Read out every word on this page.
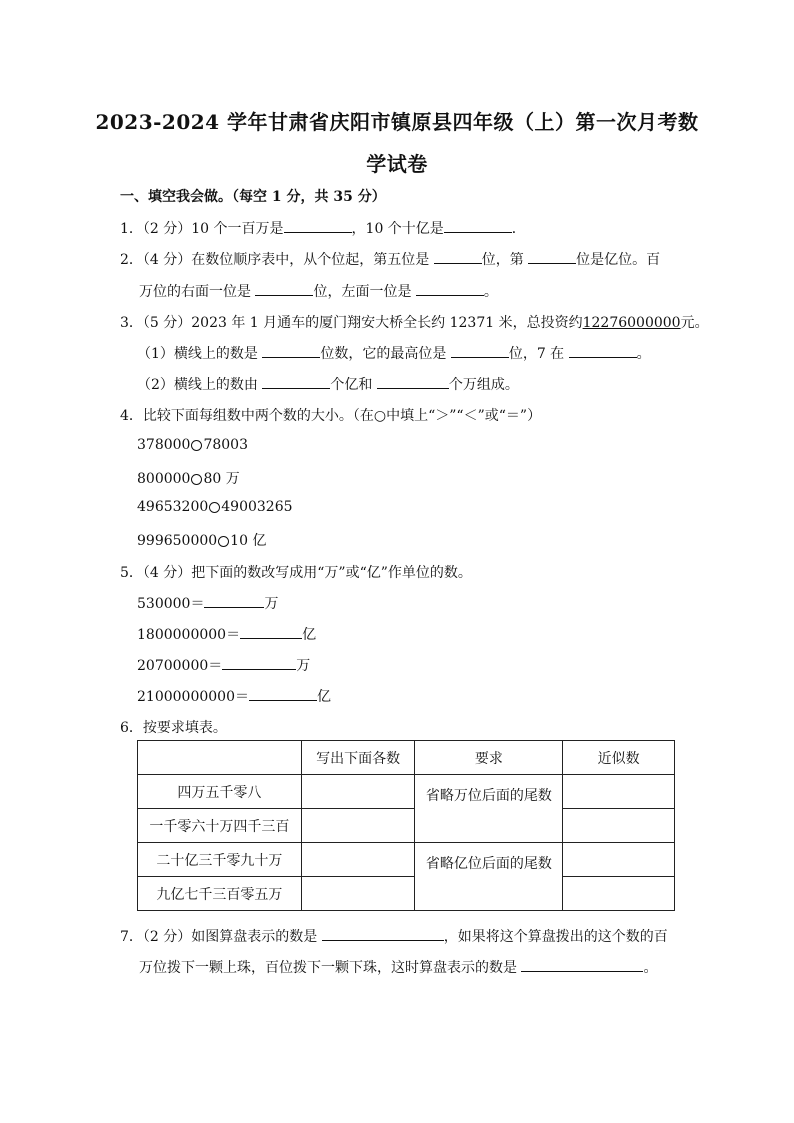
2023-2024 学年甘肃省庆阳市镇原县四年级（上）第一次月考数
学试卷
一、填空我会做。（每空 1 分，共 35 分）
1．（2 分）10 个一百万是	，10 个十亿是	．
2．（4 分）在数位顺序表中，从个位起，第五位是	位，第	位是亿位。百
万位的右面一位是	位，左面一位是	。
3．（5 分）2023 年 1 月通车的厦门翔安大桥全长约 12371 米，总投资约12276000000元。
（1）横线上的数是	位数，它的最高位是	位，7 在	。
（2）横线上的数由	个亿和	个万组成。
4．比较下面每组数中两个数的大小。（在○中填上“＞”“＜”或“＝”）
378000 78003
800000 80 万
49653200 49003265
999650000 10 亿
5．（4 分）把下面的数改写成用“万”或“亿”作单位的数。
530000＝	万
1800000000＝	亿
20700000＝	万
21000000000＝	亿
6．按要求填表。
	写出下面各数	要求	近似数
四万五千零八		省略万位后面的尾数	
一千零六十万四千三百			
二十亿三千零九十万		省略亿位后面的尾数	
九亿七千三百零五万			
7．（2 分）如图算盘表示的数是	，如果将这个算盘拨出的这个数的百
万位拨下一颗上珠，百位拨下一颗下珠，这时算盘表示的数是	。
